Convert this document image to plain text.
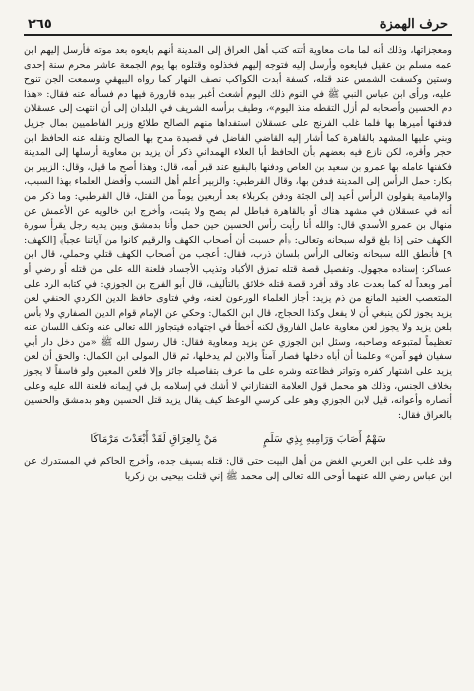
حرف الهمزة
٢٦٥

ومعجزاتها، وذلك أنه لما مات معاوية أتته كتب أهل العراق إلى المدينة أنهم بايعوه بعد موته فأرسل إليهم ابن عمه مسلم بن عقيل فبايعوه وأرسل إليه فتوجه إليهم فخذلوه وقتلوه بها يوم الجمعة عاشر محرم سنة إحدى وستين وكسفت الشمس عند قتله، كسفة أبدت الكواكب نصف النهار كما رواه البيهقي وسمعت الجن تنوح عليه، ورأى ابن عباس النبي ﷺ في النوم ذلك اليوم أشعث أغبر بيده قارورة فيها دم فسأله عنه فقال: «هذا دم الحسين وأصحابه لم أزل التقطه منذ اليوم»، وطيف برأسه الشريف في البلدان إلى أن انتهت إلى عسقلان فدفنها أميرها بها فلما غلب الفرنج على عسقلان استفداها منهم الصالح طلائع وزير الفاطميين بمال جزيل وبني عليها المشهد بالقاهرة كما أشار إليه القاضي الفاضل في قصيدة مدح بها الصالح ونقله عنه الحافظ ابن حجر وأقره، لكن نازع فيه بعضهم بأن الحافظ أبا العلاء الهمداني ذكر أن يزيد بن معاوية أرسلها إلى المدينة فكفنها عامله بها عمرو بن سعيد بن العاص ودفنها بالبقيع عند قبر أمه، قال: وهذا أصح ما قيل، وقال: الزبير بن بكار: حمل الرأس إلى المدينة فدفن بها، وقال القرطبي: والزبير أعلم أهل النسب وأفضل العلماء بهذا السبب، والإمامية يقولون الرأس أعيد إلى الجثة ودفن بكربلاء بعد أربعين يوماً من القتل، قال القرطبي: وما ذكر من أنه في عسقلان في مشهد هناك أو بالقاهرة فباطل لم يصح ولا يثبت، وأخرج ابن خالويه عن الأعمش عن منهال بن عمرو الأسدي قال: والله أنا رأيت رأس الحسين حين حمل وأنا بدمشق وبين يديه رجل يقرأ سورة الكهف حتى إذا بلغ قوله سبحانه وتعالى: ﴿أم حسبت أن أصحاب الكهف والرقيم كانوا من آياتنا عجباً﴾ [الكهف: ٩] فأنطق الله سبحانه وتعالى الرأس بلسان ذرب، فقال: أعجب من أصحاب الكهف قتلي وحملي، قال ابن عساكر: إسناده مجهول. وتفصيل قصة قتله تمزق الأكباد وتذيب الأجساد فلعنة الله على من قتله أو رضي أو أمر وبعداً له كما بعدت عاد وقد أفرد قصة قتله خلائق بالتأليف، قال أبو الفرج بن الجوزي: في كتابه الرد على المتعصب العنيد المانع من ذم يزيد: أجاز العلماء الورعون لعنه، وفي فتاوى حافظ الدين الكردي الحنفي لعن يزيد يجوز لكن ينبغي أن لا يفعل وكذا الحجاج، قال ابن الكمال: وحكي عن الإمام قوام الدين الصفاري ولا بأس بلعن يزيد ولا يجوز لعن معاوية عامل الفاروق لكنه أخطأ في اجتهاده فيتجاوز الله تعالى عنه وتكف اللسان عنه تعظيماً لمتبوعه وصاحبه، وسئل ابن الجوزي عن يزيد ومعاوية فقال: قال رسول الله ﷺ «من دخل دار أبي سفيان فهو آمن» وعلمنا أن أباه دخلها فصار آمناً والابن لم يدخلها، ثم قال المولى ابن الكمال: والحق أن لعن يزيد على اشتهار كفره وتواتر فظاعته وشره على ما عرف بتفاصيله جائز وإلا فلعن المعين ولو فاسقاً لا يجوز بخلاف الجنس، وذلك هو محمل قول العلامة التفتازاني لا أشك في إسلامه بل في إيمانه فلعنة الله عليه وعلى أنصاره وأعوانه، قيل لابن الجوزي وهو على كرسي الوعظ كيف يقال يزيد قتل الحسين وهو بدمشق والحسين بالعراق فقال:

سَهْمٌ أَصَابَ وَرَامِيهِ بِذِي سَلَمٍ
مَنْ بِالعِرَاقِ لَقَدْ أَبْعَدْتَ مَرْمَاكَا
وقد غلب على ابن العربي الغض من أهل البيت حتى قال: قتله بسيف جده، وأخرج الحاكم في المستدرك عن ابن عباس رضي الله عنهما أوحى الله تعالى إلى محمد ﷺ إني قتلت بيحيى بن زكريا
